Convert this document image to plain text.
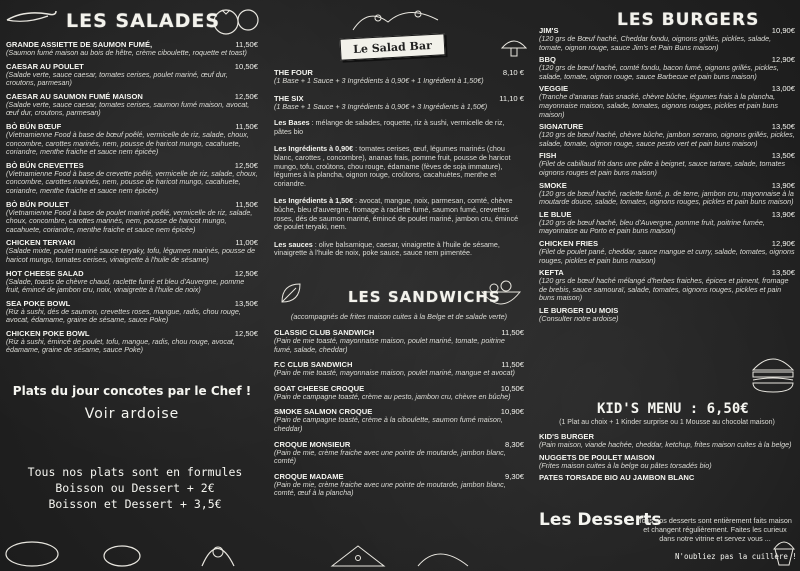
LES SALADES
GRANDE ASSIETTE DE SAUMON FUMÉ,	11,50€
(Saumon fumé maison au bois de hêtre, crème ciboulette, roquette et toast)
CAESAR AU POULET	10,50€
(Salade verte, sauce caesar, tomates cerises, poulet mariné, œuf dur, croutons, parmesan)
CAESAR AU SAUMON FUMÉ MAISON	12,50€
(Salade verte, sauce caesar, tomates cerises, saumon fumé maison, avocat, œuf dur, croutons, parmesan)
BÒ BÚN BŒUF	11,50€
(Vietnamienne Food à base de bœuf poêlé, vermicelle de riz, salade, choux, concombre, carottes marinés, nem, pousse de haricot mungo, cacahuete, coriandre, menthe fraiche et sauce nem épicée)
BÒ BÚN CREVETTES	12,50€
(Vietnamienne Food à base de crevette poêlé, vermicelle de riz, salade, choux, concombre, carottes marinés, nem, pousse de haricot mungo, cacahuete, coriandre, menthe fraiche et sauce nem épicée)
BÒ BÚN POULET	11,50€
(Vietnamienne Food à base de poulet mariné poêlé, vermicelle de riz, salade, choux, concombre, carottes marinés, nem, pousse de haricot mungo, cacahuete, coriandre, menthe fraiche et sauce nem épicée)
CHICKEN TERYAKI	11,00€
(Salade mixte, poulet mariné sauce teryaky, tofu, légumes marinés, pousse de haricot mungo, tomates cerises, vinaigrette à l'huile de sésame)
HOT CHEESE SALAD	12,50€
(Salade, toasts de chèvre chaud, raclette fumé et bleu d'Auvergne, pomme fruit, émincé de jambon cru, noix, vinaigrette à l'huile de noix)
SEA POKE BOWL	13,50€
(Riz à sushi, dés de saumon, crevettes roses, mangue, radis, chou rouge, avocat, édamame, graine de sésame, sauce Poke)
CHICKEN POKE BOWL	12,50€
(Riz à sushi, émincé de poulet, tofu, mangue, radis, chou rouge, avocat, édamame, graine de sésame, sauce Poke)
Plats du jour concotes par le Chef !
Voir ardoise
Tous nos plats sont en formules
Boisson ou Dessert + 2€
Boisson et Dessert + 3,5€
Le Salad Bar
THE FOUR	8,10 €
(1 Base + 1 Sauce + 3 Ingrédients à 0,90€ + 1 Ingrédient à 1,50€)
THE SIX	11,10 €
(1 Base + 1 Sauce + 3 Ingrédients à 0,90€ + 3 Ingrédients à 1,50€)
Les Bases : mélange de salades, roquette, riz à sushi, vermicelle de riz, pâtes bio
Les Ingrédients à 0,90€ : tomates cerises, œuf, légumes marinés (chou blanc, carottes , concombre), ananas frais, pomme fruit, pousse de haricot mungo, tofu, croûtons, chou rouge, édamame (fèves de soja immature), légumes à la plancha, oignon rouge, croûtons, cacahuètes, menthe et coriandre.
Les Ingrédients à 1,50€ : avocat, mangue, noix, parmesan, comté, chèvre bûche, bleu d'auvergne, fromage à raclette fumé, saumon fumé, crevettes roses, dés de saumon mariné, émincé de poulet mariné, jambon cru, émincé de poulet teryaki, nem.
Les sauces : olive balsamique, caesar, vinaigrette à l'huile de sésame, vinaigrette à l'huile de noix, poke sauce, sauce nem pimentée.
LES SANDWICHS
(accompagnés de frites maison cuites à la Belge et de salade verte)
CLASSIC CLUB SANDWICH	11,50€
(Pain de mie toasté, mayonnaise maison, poulet mariné, tomate, poitrine fumé, salade, cheddar)
F.C CLUB SANDWICH	11,50€
(Pain de mie toasté, mayonnaise maison, poulet mariné, mangue et avocat)
GOAT CHEESE CROQUE	10,50€
(Pain de campagne toasté, crème au pesto, jambon cru, chèvre en bûche)
SMOKE SALMON CROQUE	10,90€
(Pain de campagne toasté, crème à la ciboulette, saumon fumé maison, cheddar)
CROQUE MONSIEUR	8,30€
(Pain de mie, crème fraiche avec une pointe de moutarde, jambon blanc, comté)
CROQUE MADAME	9,30€
(Pain de mie, crème fraiche avec une pointe de moutarde, jambon blanc, comté, œuf à la plancha)
LES BURGERS
JIM'S	10,90€
(120 grs de Bœuf haché, Cheddar fondu, oignons grillés, pickles, salade, tomate, oignon rouge, sauce Jim's et Pain Buns maison)
BBQ	12,90€
(120 grs de bœuf haché, comté fondu, bacon fumé, oignons grillés, pickles, salade, tomate, oignon rouge, sauce Barbecue et pain buns maison)
VEGGIE	13,00€
(Tranche d'ananas frais snacké, chèvre bûche, légumes frais à la plancha, mayonnaise maison, salade, tomates, oignons rouges, pickles et pain buns maison)
SIGNATURE	13,50€
(120 grs de bœuf haché, chèvre bûche, jambon serrano, oignons grillés, pickles, salade, tomate, oignon rouge, sauce pesto vert et pain buns maison)
FISH	13,50€
(Filet de cabillaud frit dans une pâte à beignet, sauce tartare, salade, tomates oignons rouges et pain buns maison)
SMOKE	13,90€
(120 grs de bœuf haché, raclette fumé, p. de terre, jambon cru, mayonnaise à la moutarde douce, salade, tomates, oignons rouges, pickles et pain buns maison)
LE BLUE	13,90€
(120 grs de bœuf haché, bleu d'Auvergne, pomme fruit, poitrine fumée, mayonnaise au Porto et pain buns maison)
CHICKEN FRIES	12,90€
(Filet de poulet pané, cheddar, sauce mangue et curry, salade, tomates, oignons rouges, pickles et pain buns maison)
KEFTA	13,50€
(120 grs de bœuf haché mélangé d'herbes fraiches, épices et piment, fromage de brebis, sauce samouraï, salade, tomates, oignons rouges, pickles et pain buns maison)
LE BURGER DU MOIS
(Consulter notre ardoise)
KID'S MENU : 6,50€
(1 Plat au choix + 1 Kinder surprise ou 1 Mousse au chocolat maison)
KID'S BURGER
(Pain maison, viande hachée, cheddar, ketchup, frites maison cuites à la belge)
NUGGETS DE POULET MAISON
(Frites maison cuites à la belge ou pâtes torsadés bio)
PATES TORSADE BIO AU JAMBON BLANC
Les Desserts
Tous nos desserts sont entièrement faits maison et changent régulièrement. Faites les curieux dans notre vitrine et servez vous ...
N'oubliez pas la cuillère !
